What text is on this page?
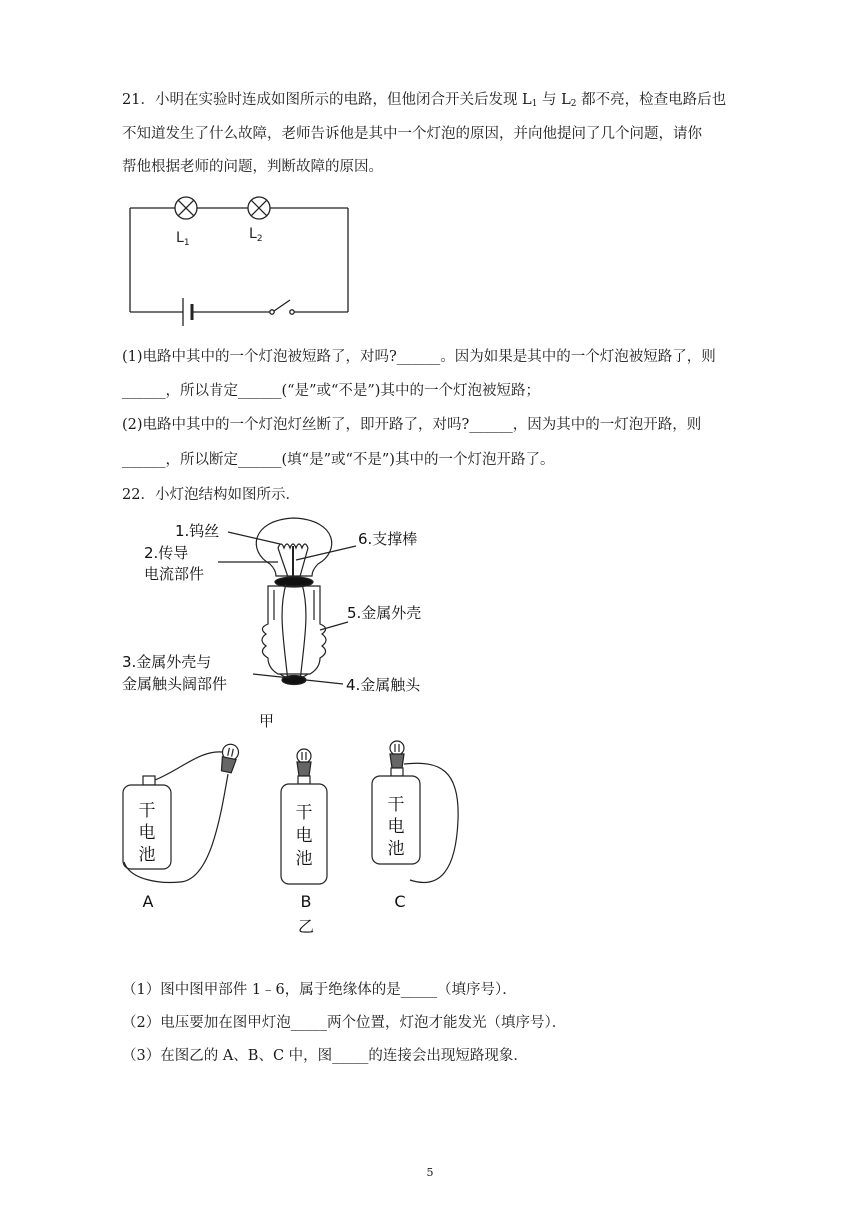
21．小明在实验时连成如图所示的电路，但他闭合开关后发现 $L_1$ 与 $L_2$ 都不亮，检查电路后也
不知道发生了什么故障，老师告诉他是其中一个灯泡的原因，并向他提问了几个问题，请你
帮他根据老师的问题，判断故障的原因。
$L_1$
$L_2$
(1)电路中其中的一个灯泡被短路了，对吗?______。因为如果是其中的一个灯泡被短路了，则
______，所以肯定______(“是”或“不是”)其中的一个灯泡被短路；
(2)电路中其中的一个灯泡灯丝断了，即开路了，对吗?______，因为其中的一灯泡开路，则
______，所以断定______(填“是”或“不是”)其中的一个灯泡开路了。
22．小灯泡结构如图所示．
1.钨丝
2.传导
电流部件
6.支撑棒
5.金属外壳
3.金属外壳与
金属触头阔部件	4.金属触头
甲
干
电
池
干
电
池
干
电
池
A	B	C
乙
（1）图中图甲部件 1﹣6，属于绝缘体的是_____（填序号）．
（2）电压要加在图甲灯泡_____两个位置，灯泡才能发光（填序号）．
（3）在图乙的 A、B、C 中，图_____的连接会出现短路现象．
5
